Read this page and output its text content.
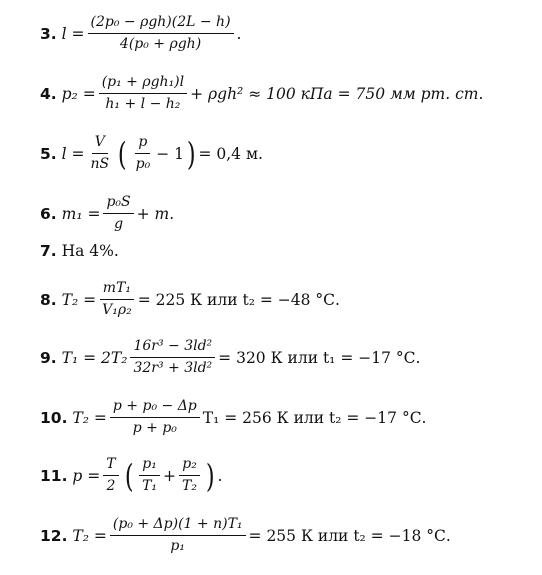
3.
$l = \frac{\text{(2p₀ − ρgh)(2L − h)}}{\text{4(p₀ + ρgh)}}$ .
4.
$p_2 = \frac{\text{(p₁ + ρgh₁)l}}{\text{h₁ + l − h₂}} + \rho gh^2 \approx 100$ кПа = 750 мм рт. ст.
5.
$l = \frac{V}{nS}$ ( $\frac{p}{\text{p₀}} - 1$ ) = 0,4 м.
6.
$m_1 = \frac{\text{p₀S}}{g} + m$.
7.
На 4%.
8.
$T_2 = \frac{\text{mT₁}}{\text{V₁ρ₂}} = 225$ К или t₂ = −48 °С.
9.
$T_1 = 2T_2 \frac{\text{16r³ − 3ld²}}{\text{32r³ + 3ld²}} = 320$ К или t₁ = −17 °С.
10.
$T_2 = \frac{\text{p + p₀ − Δp}}{\text{p + p₀}} T_1 = 256$ К или t₂ = −17 °С.
11.
$p = \frac{T}{2}$ ( $\frac{\text{p₁}}{\text{T₁}} + \frac{\text{p₂}}{\text{T₂}}$ ) .
12.
$T_2 = \frac{\text{(p₀ + Δp)(1 + n)T₁}}{\text{p₁}} = 255$ К или t₂ = −18 °С.
